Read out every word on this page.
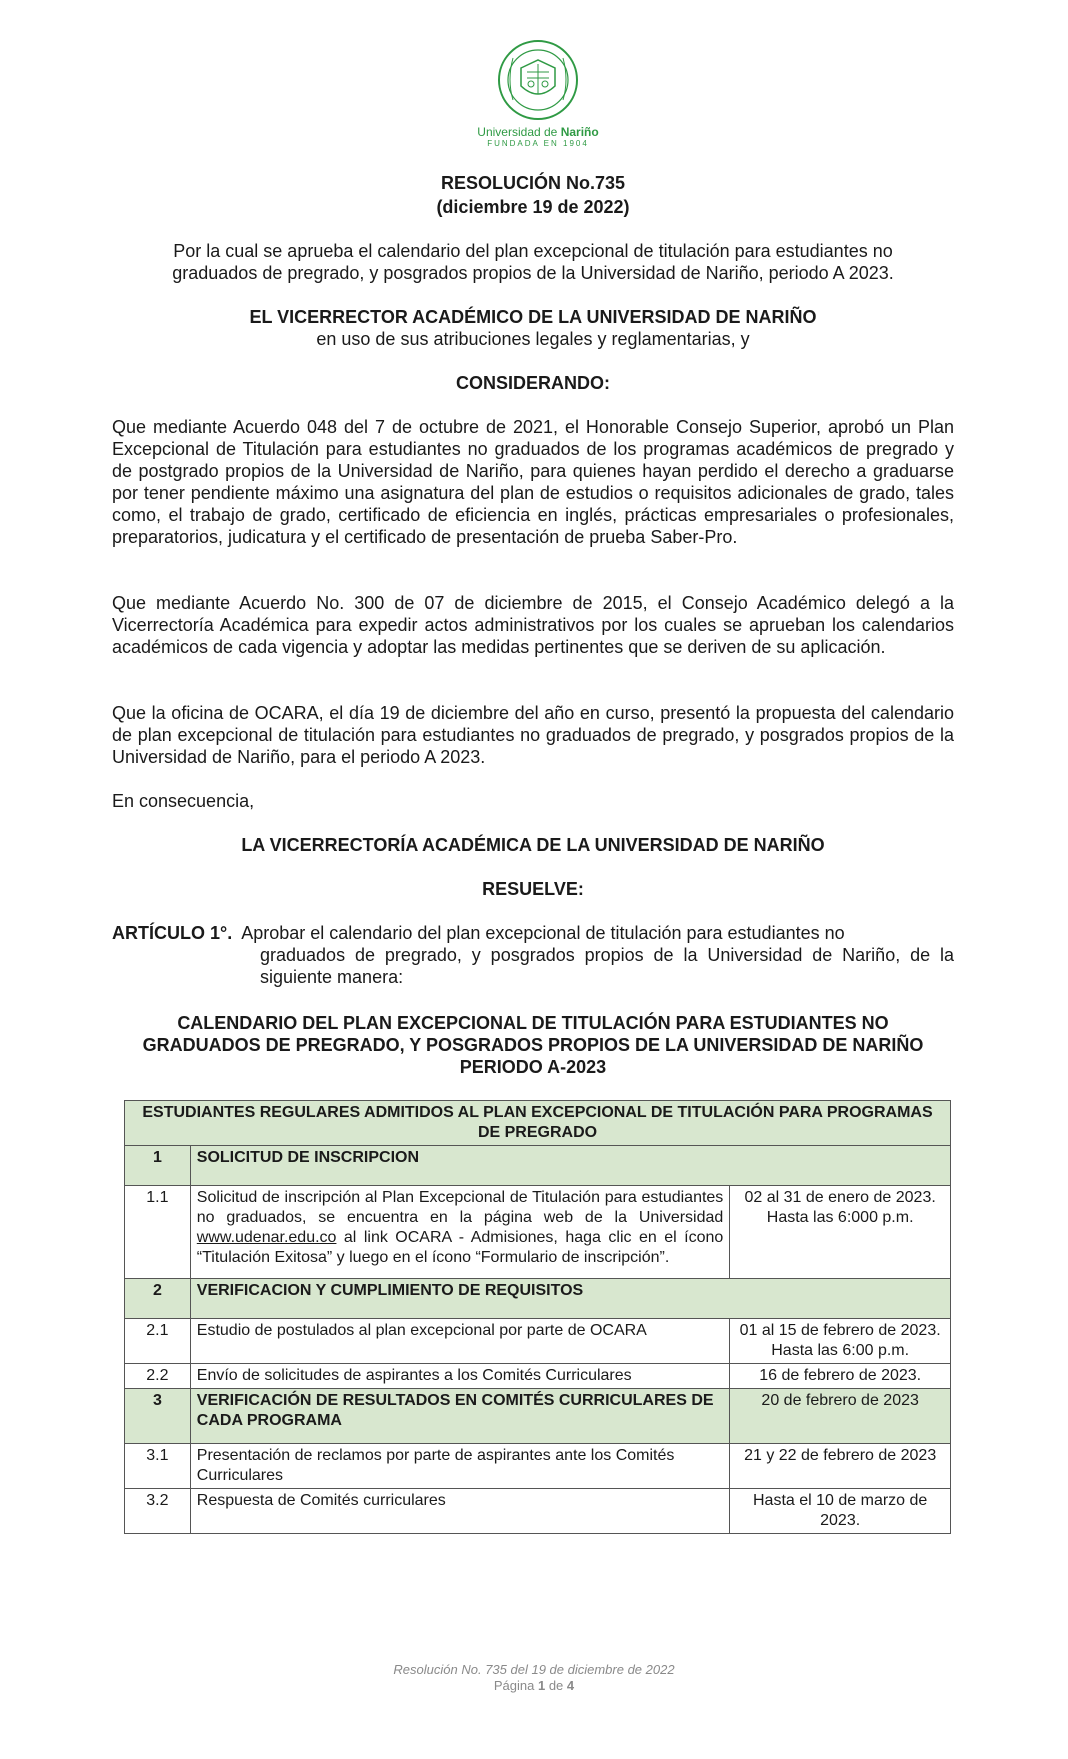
Universidad de Nariño
FUNDADA EN 1904
RESOLUCIÓN No.735
(diciembre 19 de 2022)
Por la cual se aprueba el calendario del plan excepcional de titulación para estudiantes no graduados de pregrado, y posgrados propios de la Universidad de Nariño, periodo A 2023.
EL VICERRECTOR ACADÉMICO DE LA UNIVERSIDAD DE NARIÑO
en uso de sus atribuciones legales y reglamentarias, y
CONSIDERANDO:
Que mediante Acuerdo 048 del 7 de octubre de 2021, el Honorable Consejo Superior, aprobó un Plan Excepcional de Titulación para estudiantes no graduados de los programas académicos de pregrado y de postgrado propios de la Universidad de Nariño, para quienes hayan perdido el derecho a graduarse por tener pendiente máximo una asignatura del plan de estudios o requisitos adicionales de grado, tales como, el trabajo de grado, certificado de eficiencia en inglés, prácticas empresariales o profesionales, preparatorios, judicatura y el certificado de presentación de prueba Saber-Pro.
Que mediante Acuerdo No. 300 de 07 de diciembre de 2015, el Consejo Académico delegó a la Vicerrectoría Académica para expedir actos administrativos por los cuales se aprueban los calendarios académicos de cada vigencia y adoptar las medidas pertinentes que se deriven de su aplicación.
Que la oficina de OCARA, el día 19 de diciembre del año en curso, presentó la propuesta del calendario de plan excepcional de titulación para estudiantes no graduados de pregrado, y posgrados propios de la Universidad de Nariño, para el periodo A 2023.
En consecuencia,
LA VICERRECTORÍA ACADÉMICA DE LA UNIVERSIDAD DE NARIÑO
RESUELVE:
ARTÍCULO 1°. Aprobar el calendario del plan excepcional de titulación para estudiantes no
graduados de pregrado, y posgrados propios de la Universidad de Nariño, de la siguiente manera:
CALENDARIO DEL PLAN EXCEPCIONAL DE TITULACIÓN PARA ESTUDIANTES NO
GRADUADOS DE PREGRADO, Y POSGRADOS PROPIOS DE LA UNIVERSIDAD DE NARIÑO
PERIODO A-2023
ESTUDIANTES REGULARES ADMITIDOS AL PLAN EXCEPCIONAL DE TITULACIÓN PARA PROGRAMAS DE PREGRADO		
1	SOLICITUD DE INSCRIPCION	
1.1	Solicitud de inscripción al Plan Excepcional de Titulación para estudiantes no graduados, se encuentra en la página web de la Universidad www.udenar.edu.co al link OCARA - Admisiones, haga clic en el ícono “Titulación Exitosa” y luego en el ícono “Formulario de inscripción”.	02 al 31 de enero de 2023. Hasta las 6:000 p.m.
2	VERIFICACION Y CUMPLIMIENTO DE REQUISITOS	
2.1	Estudio de postulados al plan excepcional por parte de OCARA	01 al 15 de febrero de 2023. Hasta las 6:00 p.m.
2.2	Envío de solicitudes de aspirantes a los Comités Curriculares	16 de febrero de 2023.
3	VERIFICACIÓN DE RESULTADOS EN COMITÉS CURRICULARES DE CADA PROGRAMA	20 de febrero de 2023
3.1	Presentación de reclamos por parte de aspirantes ante los Comités Curriculares	21 y 22 de febrero de 2023
3.2	Respuesta de Comités curriculares	Hasta el 10 de marzo de 2023.
Resolución No. 735 del 19 de diciembre de 2022
Página 1 de 4
